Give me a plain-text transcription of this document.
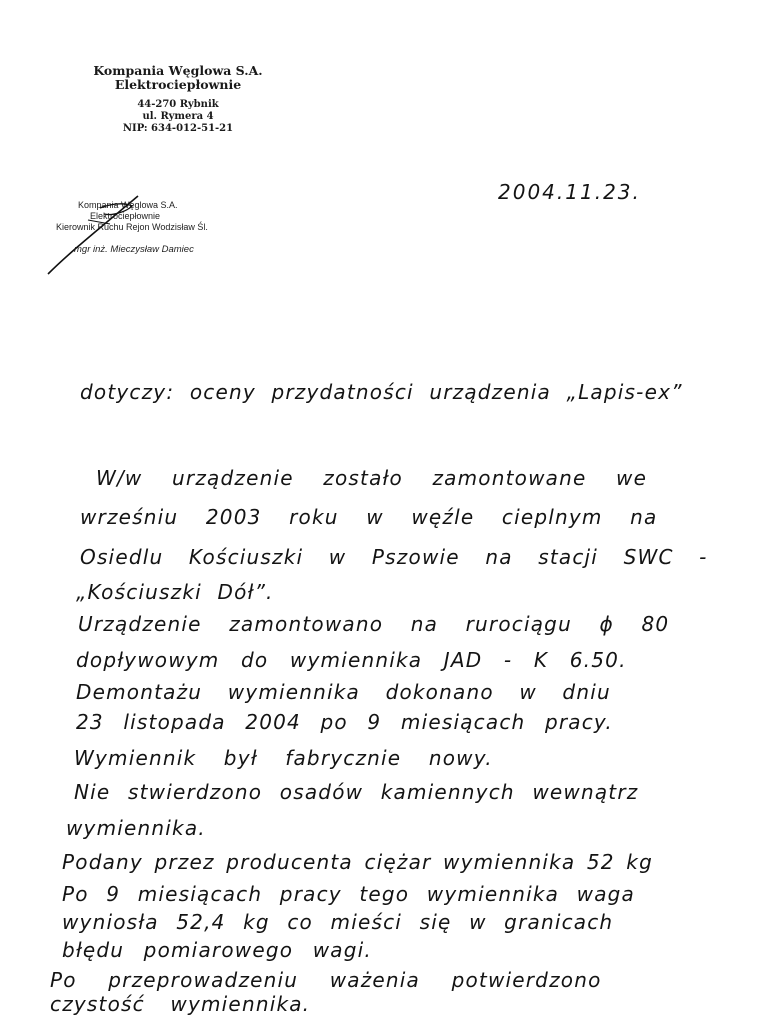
Kompania Węglowa S.A.
Elektrociepłownie
44-270 Rybnik
ul. Rymera 4
NIP: 634-012-51-21
Kompania Węglowa S.A.
Elektrociepłownie
Kierownik Ruchu Rejon Wodzisław Śl.
mgr inż. Mieczysław Damiec
2004.11.23.
dotyczy: oceny przydatności urządzenia „Lapis-ex”
W/w urządzenie zostało zamontowane we
wrześniu 2003 roku w węźle cieplnym na
Osiedlu Kościuszki w Pszowie na stacji SWC -
„Kościuszki Dół”.
Urządzenie zamontowano na rurociągu ϕ 80
dopływowym do wymiennika JAD - K 6.50.
Demontażu wymiennika dokonano w dniu
23 listopada 2004 po 9 miesiącach pracy.
Wymiennik był fabrycznie nowy.
Nie stwierdzono osadów kamiennych wewnątrz
wymiennika.
Podany przez producenta ciężar wymiennika 52 kg
Po 9 miesiącach pracy tego wymiennika waga
wyniosła 52,4 kg co mieści się w granicach
błędu pomiarowego wagi.
Po przeprowadzeniu ważenia potwierdzono
czystość wymiennika.
